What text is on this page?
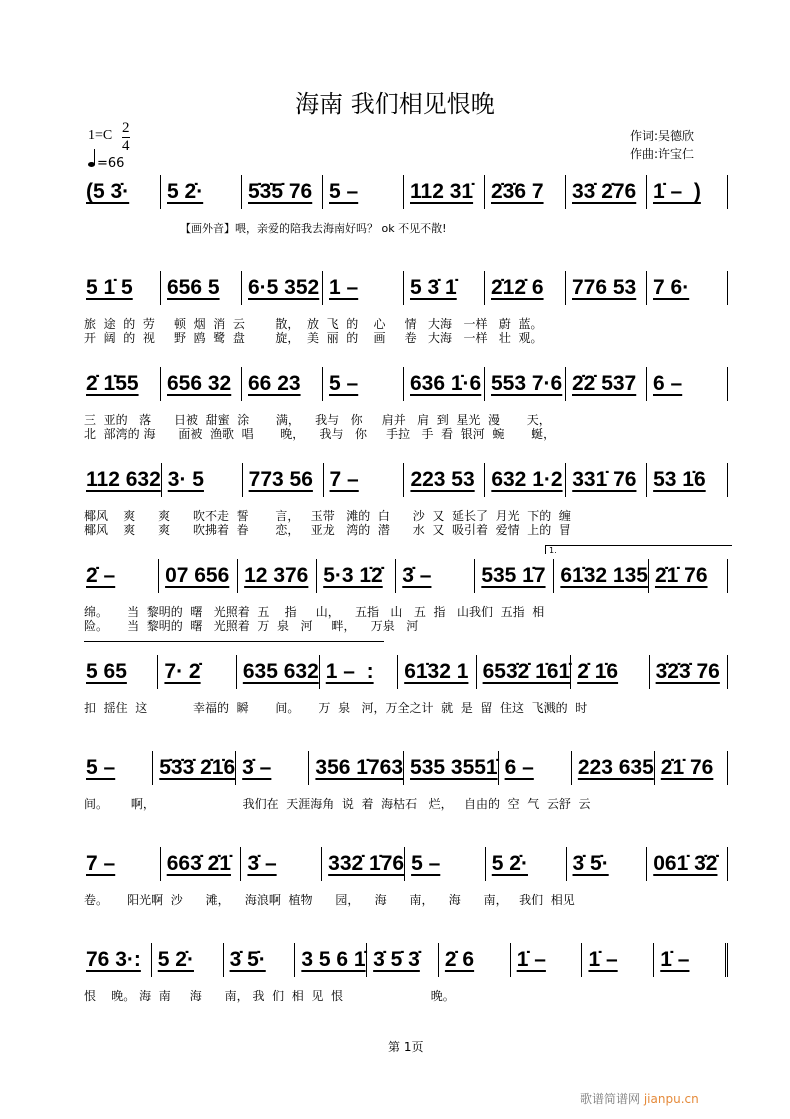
海南 我们相见恨晚
1=C 2
4
=66
作词:吴德欣
作曲:许宝仁
【画外音】喂，亲爱的陪我去海南好吗？ ok 不见不散!
1.
(5 3̇·	5 2̇·	5̇3̇5̇ 76 5 –	112 31̇ 2̇3̇6 7	33̇ 2̇76 1̇ –  )
5 1̇ 5	656 5	6·5 352 1 –	5 3̇ 1̇	2̇12̇ 6	776 53 7 6·
旅  途  的  劳     顿  烟  消  云        散，  放  飞  的    心     情   大海   一样   蔚  蓝。
开  阔  的  视     野  鸥  鹭  盘        旋，  美  丽  的    画     卷   大海   一样   壮  观。
2̇ 1̇55	656 32 66 23	5 –	636 1̇·6 553 7·6 2̇2̇ 537 6 –
三  亚的   落      日被  甜蜜  涂       满，    我与   你     肩并   肩  到  星光  漫       天，
北  部湾的 海      面被  渔歌  唱       晚，    我与   你     手拉   手  看  银河  蜿       蜒，
112 632 3· 5	773 56 7 –	223 53 632 1·2 331̇ 76 53 1̇6
椰风    爽      爽      吹不走  誓       言，   玉带   滩的  白      沙  又  延长了  月光  下的  缠
椰风    爽      爽      吹拂着  眷       恋，   亚龙   湾的  潜      水  又  吸引着  爱情  上的  冒
2̇ –	07 656 12 376 5·3 1̇2̇ 3̇ –	535 1̇7 61̇32 135 2̇1̇ 76
绵。     当  黎明的  曙   光照着  五    指     山，    五指   山   五  指   山我们  五指  相
险。     当  黎明的  曙   光照着  万  泉   河     畔，    万泉   河
5 65	7· 2̇	635 632 1 –  :	61̇32 1 653̇2̇ 1̇61̇ 2̇ 1̇6	3̇2̇3̇ 76
扣  揺住  这            幸福的  瞬       间。     万  泉   河，万全之计  就  是  留  住这  飞溅的  时
5 –	5̇3̇3̇ 2̇1̇6 3̇ –	356 1̇763 535 3551̇ 6 –	223 635 2̇1̇ 76
间。      啊，                       我们在  天涯海角  说  着  海枯石   烂，   自由的  空  气  云舒  云
7 –	663̇ 2̇1̇ 3̇ –	332̇ 1̇76 5 –	5 2̇·	3̇ 5̇·	061̇ 3̇2̇
卷。     阳光啊  沙      滩，    海浪啊  植物      园，    海      南，    海      南，   我们  相见
76 3·: 5 2̇·	3̇ 5̇·	3 5 6 1̇ 3̇ 5̇ 3̇	2̇ 6	1̇ –	1̇ –	1̇ –
恨    晚。 海  南     海      南， 我  们  相  见  恨                       晚。
第 1页
歌谱简谱网 jianpu.cn
